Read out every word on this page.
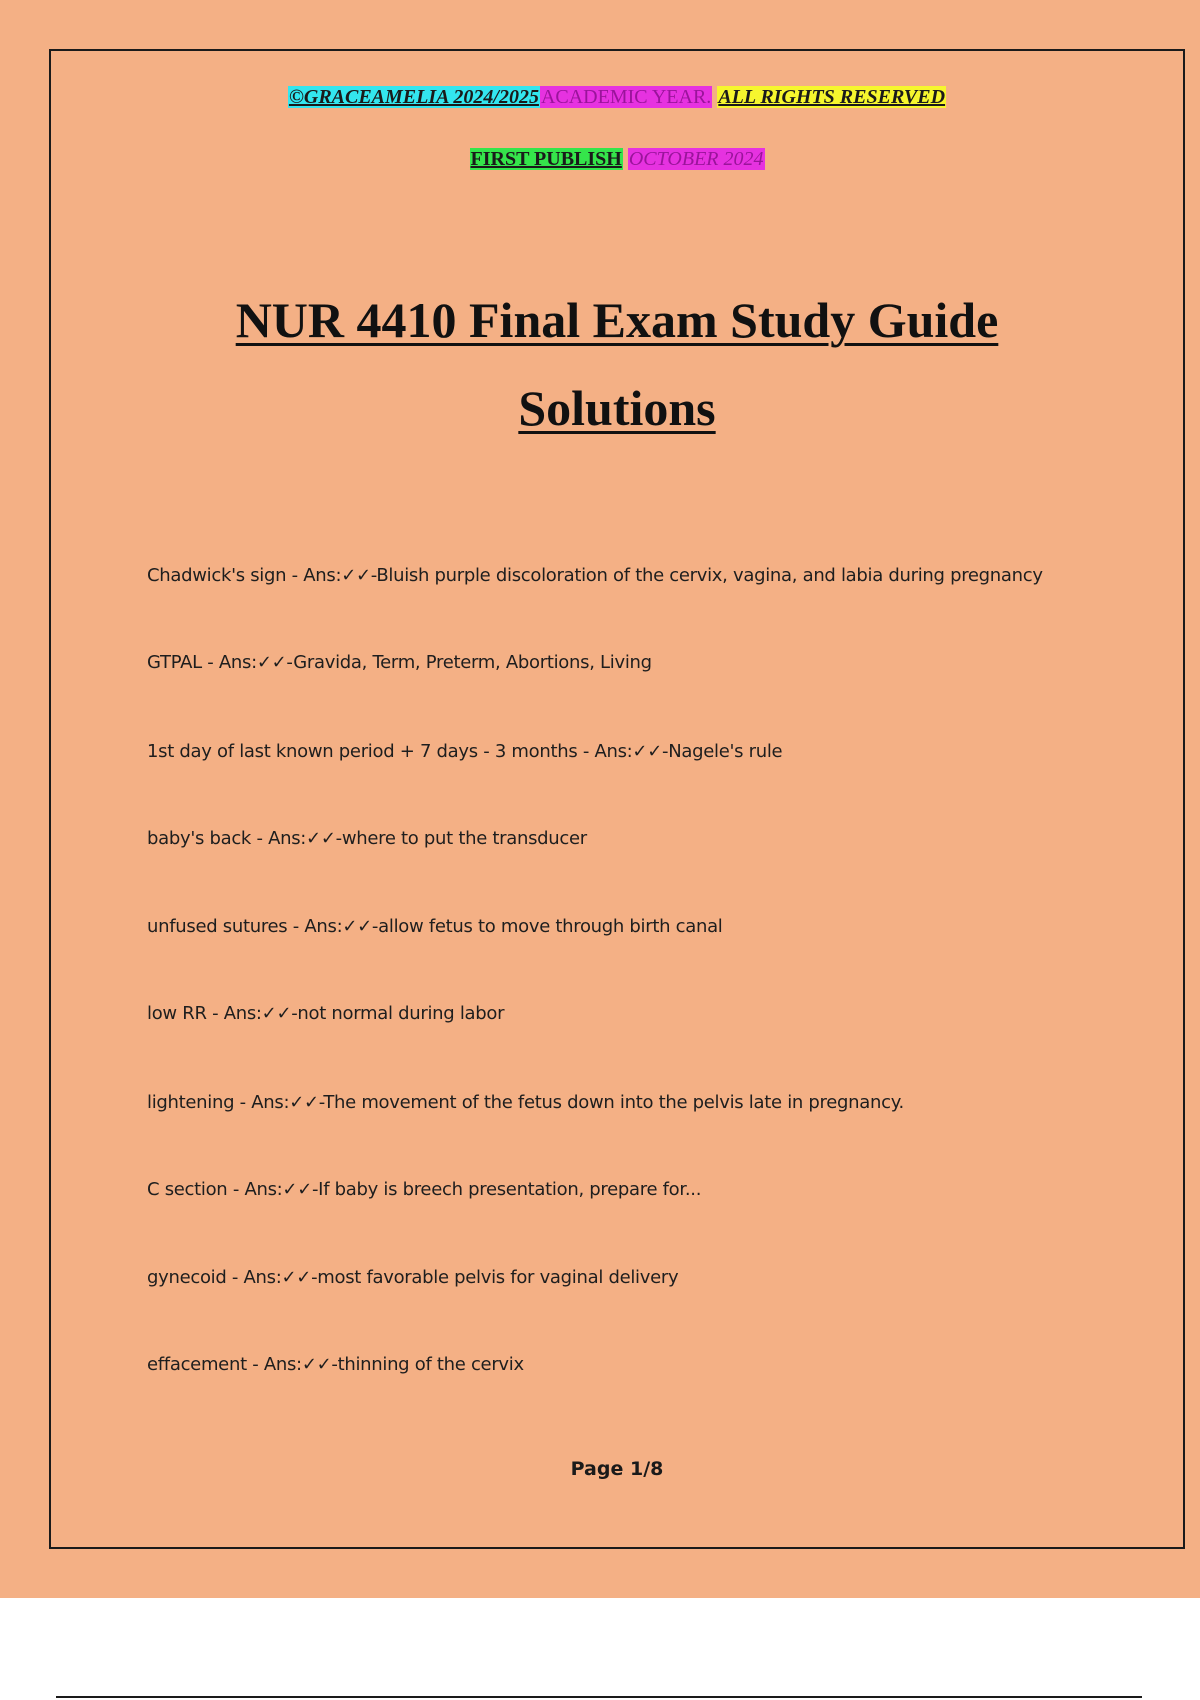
©GRACEAMELIA 2024/2025 ACADEMIC YEAR. ALL RIGHTS RESERVED
FIRST PUBLISH OCTOBER 2024
NUR 4410 Final Exam Study Guide
Solutions

Chadwick's sign - Ans:✓✓-Bluish purple discoloration of the cervix, vagina, and labia during pregnancy

GTPAL - Ans:✓✓-Gravida, Term, Preterm, Abortions, Living

1st day of last known period + 7 days - 3 months - Ans:✓✓-Nagele's rule

baby's back - Ans:✓✓-where to put the transducer

unfused sutures - Ans:✓✓-allow fetus to move through birth canal

low RR - Ans:✓✓-not normal during labor

lightening - Ans:✓✓-The movement of the fetus down into the pelvis late in pregnancy.

C section - Ans:✓✓-If baby is breech presentation, prepare for...

gynecoid - Ans:✓✓-most favorable pelvis for vaginal delivery

effacement - Ans:✓✓-thinning of the cervix

Page 1/8
